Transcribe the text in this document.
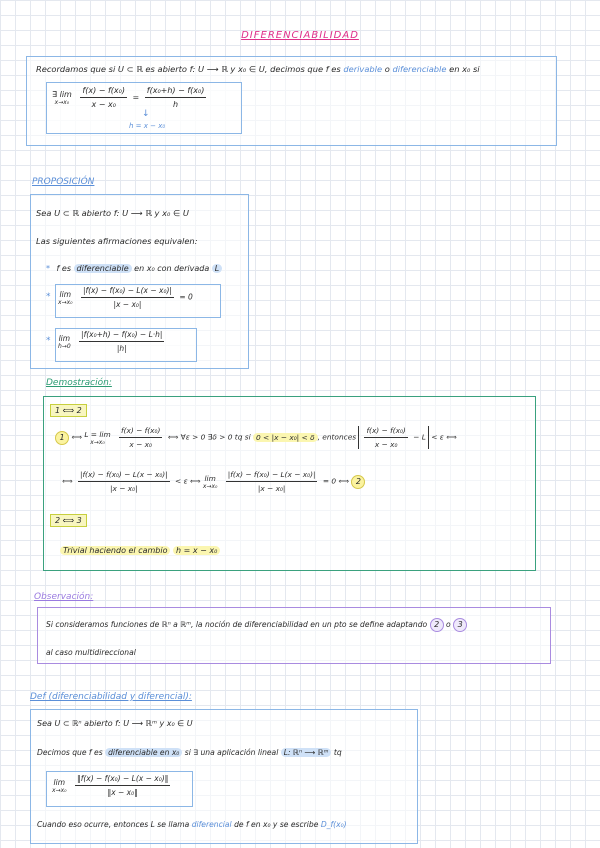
DIFERENCIABILIDAD
Recordamos que si U ⊂ ℝ es abierto f: U ⟶ ℝ y x₀ ∈ U, decimos que f es derivable o diferenciable en x₀ si
∃ lim
x→x₀
$\frac{\text{f(x) − f(x₀)}}{\text{x − x₀}} = \frac{\text{f(x₀+h) − f(x₀)}}{h}$
↓
h = x − x₀
PROPOSICIÓN
Sea U ⊂ ℝ abierto f: U ⟶ ℝ y x₀ ∈ U
Las siguientes afirmaciones equivalen:
* f es diferenciable en x₀ con derivada L
* lim
x→x₀
$\frac{\text{|f(x) − f(x₀) − L(x − x₀)|}}{\text{|x − x₀|}} = 0$
* lim
h→0
$\frac{\text{|f(x₀+h) − f(x₀) − L·h|}}{|h|}$
Demostración:
1 ⟺ 2
1 ⟺ L = lim
x→x₀
$\frac{\text{f(x) − f(x₀)}}{\text{x − x₀}}$ ⟺ ∀ε > 0 ∃δ > 0 tq si 0 < |x − x₀| < δ , entonces $\frac{\text{f(x) − f(x₀)}}{\text{x − x₀}} - L < \varepsilon$ ⟺
⟺ $\frac{\text{|f(x) − f(x₀) − L(x − x₀)|}}{\text{|x − x₀|}} < \varepsilon$ ⟺ lim
x→x₀
$\frac{\text{|f(x) − f(x₀) − L(x − x₀)|}}{\text{|x − x₀|}} = 0$ ⟺ 2
2 ⟺ 3
Trivial haciendo el cambio h = x − x₀
Observación:
Si consideramos funciones de ℝⁿ a ℝᵐ, la noción de diferenciabilidad en un pto se define adaptando 2 o 3
al caso multidireccional
Def (diferenciabilidad y diferencial):
Sea U ⊂ ℝⁿ abierto f: U ⟶ ℝᵐ y x₀ ∈ U
Decimos que f es diferenciable en x₀ si ∃ una aplicación lineal L: ℝⁿ ⟶ ℝᵐ tq
lim
x→x₀
$\frac{\text{‖f(x) − f(x₀) − L(x − x₀)‖}}{\text{‖x − x₀‖}}$
Cuando eso ocurre, entonces L se llama diferencial de f en x₀ y se escribe D_f(x₀)
